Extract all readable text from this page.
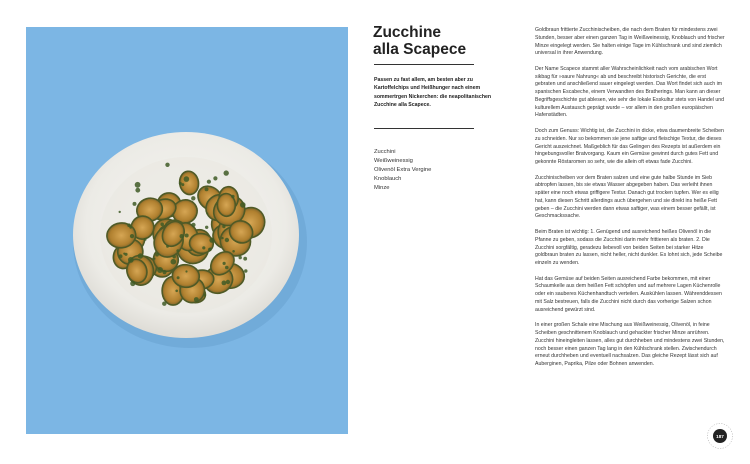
Zucchine
alla Scapece
Passen zu fast allem, am besten aber zu Kartoffelchips und Heißhunger nach einem sommertrgen Nickerchen: die neapolitanischen Zucchine alla Scapece.
Zucchini
Weißweinessig
Olivenöl Extra Vergine
Knoblauch
Minze

Goldbraun frittierte Zucchinischeiben, die nach dem Braten für mindestens zwei Stunden, besser aber einen ganzen Tag in Weißweinessig, Knoblauch und frischer Minze eingelegt werden. Sie halten einige Tage im Kühlschrank und sind ziemlich universal in ihrer Anwendung.

Der Name Scapece stammt aller Wahrscheinlichkeit nach vom arabischen Wort sikbag für »saure Nahrung« ab und beschreibt historisch Gerichte, die erst gebraten und anschließend sauer eingelegt werden. Das Wort findet sich auch im spanischen Escabeche, einem Verwandten des Bratherings. Man kann an dieser Begriffsgeschichte gut ablesen, wie sehr die lokale Esskultur stets von Handel und kulturellem Austausch geprägt wurde – vor allem in den großen europäischen Hafenstädten.

Doch zum Genuss: Wichtig ist, die Zucchini in dicke, etwa daumenbreite Scheiben zu schneiden. Nur so bekommen sie jene saftige und fleischige Textur, die dieses Gericht auszeichnet. Maßgeblich für das Gelingen des Rezepts ist außerdem ein hingebungsvoller Bratvorgang. Kaum ein Gemüse gewinnt durch gutes Fett und gekonnte Röstaromen so sehr, wie die allein oft etwas fade Zucchini.

Zucchinischeiben vor dem Braten salzen und eine gute halbe Stunde im Sieb abtropfen lassen, bis sie etwas Wasser abgegeben haben. Das verleiht ihnen später eine noch etwas griffigere Textur. Danach gut trocken tupfen. Wer es eilig hat, kann diesen Schritt allerdings auch übergehen und sie direkt ins heiße Fett geben – die Zucchini werden dann etwas saftiger, was einem besser gefällt, ist Geschmackssache.

Beim Braten ist wichtig: 1. Genügend und ausreichend heißes Olivenöl in die Pfanne zu geben, sodass die Zucchini darin mehr frittieren als braten. 2. Die Zucchini sorgfältig, geradezu liebevoll von beiden Seiten bei starker Hitze goldbraun braten zu lassen, nicht heller, nicht dunkler. Es lohnt sich, jede Scheibe einzeln zu wenden.

Hat das Gemüse auf beiden Seiten ausreichend Farbe bekommen, mit einer Schaumkelle aus dem heißen Fett schöpfen und auf mehrere Lagen Küchenrolle oder ein sauberes Küchenhandtuch verteilen. Auskühlen lassen. Währenddessen mit Salz bestreuen, falls die Zucchini nicht durch das vorherige Salzen schon ausreichend gewürzt sind.

In einer großen Schale eine Mischung aus Weißweinessig, Olivenöl, in feine Scheiben geschnittenem Knoblauch und gehackter frischer Minze anrühren. Zucchini hineingleiten lassen, alles gut durchheben und mindestens zwei Stunden, noch besser einen ganzen Tag lang in den Kühlschrank stellen. Zwischendurch erneut durchheben und eventuell nachsalzen. Das gleiche Rezept lässt sich auf Auberginen, Paprika, Pilze oder Bohnen anwenden.

187
